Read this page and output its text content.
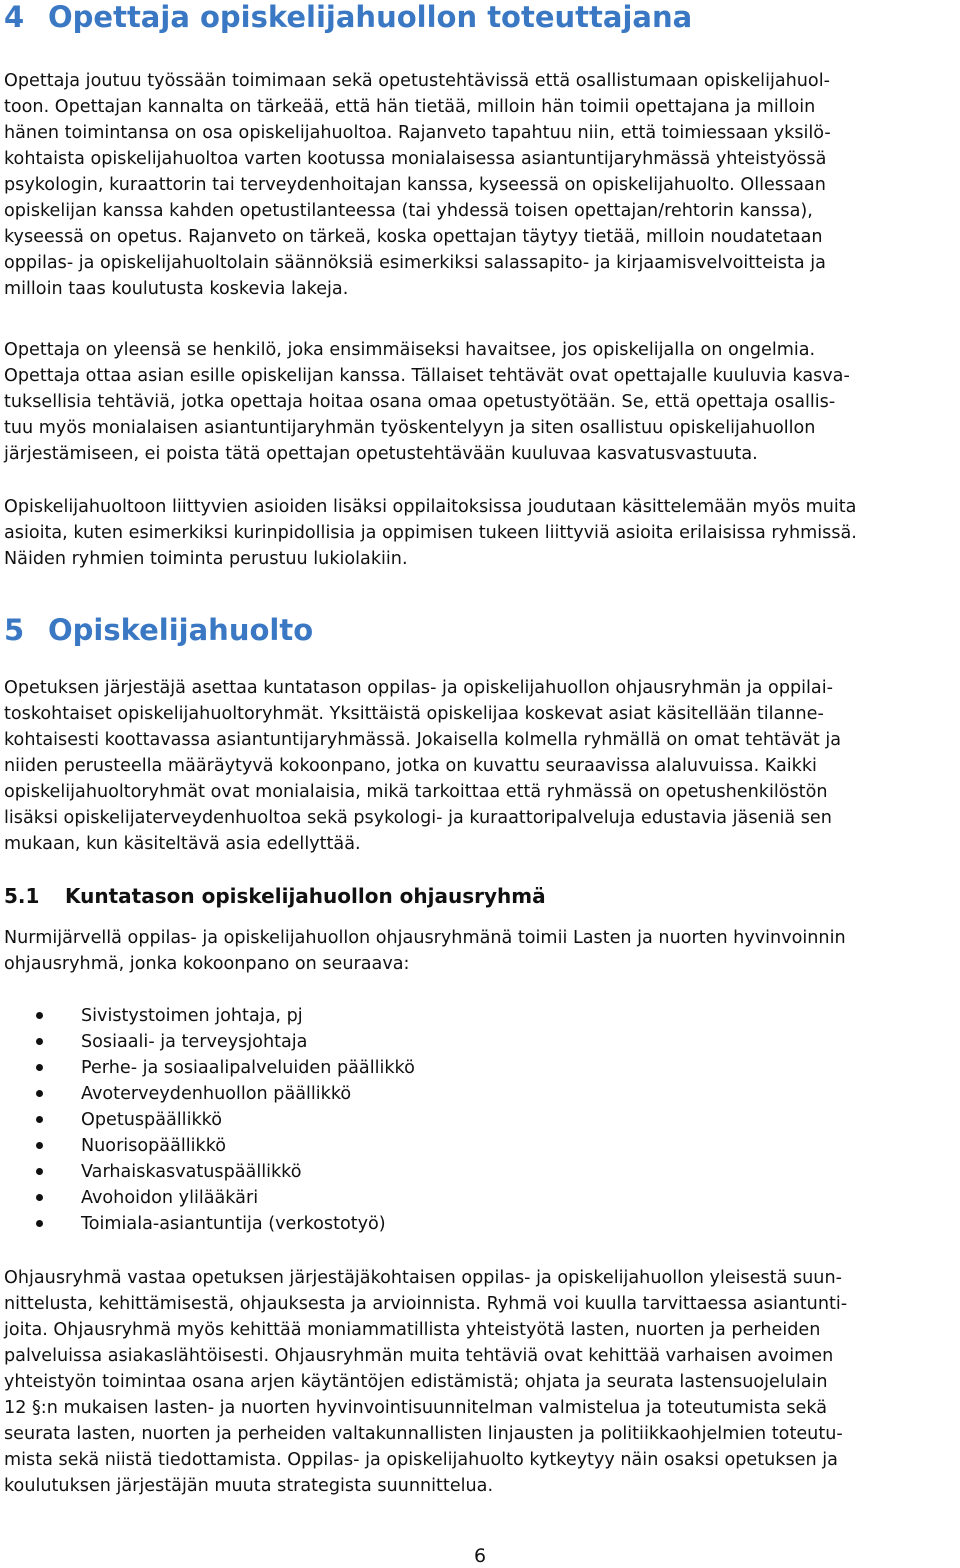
4 Opettaja opiskelijahuollon toteuttajana
Opettaja joutuu työssään toimimaan sekä opetustehtävissä että osallistumaan opiskelijahuol-
toon. Opettajan kannalta on tärkeää, että hän tietää, milloin hän toimii opettajana ja milloin
hänen toimintansa on osa opiskelijahuoltoa. Rajanveto tapahtuu niin, että toimiessaan yksilö-
kohtaista opiskelijahuoltoa varten kootussa monialaisessa asiantuntijaryhmässä yhteistyössä
psykologin, kuraattorin tai terveydenhoitajan kanssa, kyseessä on opiskelijahuolto. Ollessaan
opiskelijan kanssa kahden opetustilanteessa (tai yhdessä toisen opettajan/rehtorin kanssa),
kyseessä on opetus. Rajanveto on tärkeä, koska opettajan täytyy tietää, milloin noudatetaan
oppilas- ja opiskelijahuoltolain säännöksiä esimerkiksi salassapito- ja kirjaamisvelvoitteista ja
milloin taas koulutusta koskevia lakeja.
Opettaja on yleensä se henkilö, joka ensimmäiseksi havaitsee, jos opiskelijalla on ongelmia.
Opettaja ottaa asian esille opiskelijan kanssa. Tällaiset tehtävät ovat opettajalle kuuluvia kasva-
tuksellisia tehtäviä, jotka opettaja hoitaa osana omaa opetustyötään. Se, että opettaja osallis-
tuu myös monialaisen asiantuntijaryhmän työskentelyyn ja siten osallistuu opiskelijahuollon
järjestämiseen, ei poista tätä opettajan opetustehtävään kuuluvaa kasvatusvastuuta.
Opiskelijahuoltoon liittyvien asioiden lisäksi oppilaitoksissa joudutaan käsittelemään myös muita
asioita, kuten esimerkiksi kurinpidollisia ja oppimisen tukeen liittyviä asioita erilaisissa ryhmissä.
Näiden ryhmien toiminta perustuu lukiolakiin.
5 Opiskelijahuolto
Opetuksen järjestäjä asettaa kuntatason oppilas- ja opiskelijahuollon ohjausryhmän ja oppilai-
toskohtaiset opiskelijahuoltoryhmät. Yksittäistä opiskelijaa koskevat asiat käsitellään tilanne-
kohtaisesti koottavassa asiantuntijaryhmässä. Jokaisella kolmella ryhmällä on omat tehtävät ja
niiden perusteella määräytyvä kokoonpano, jotka on kuvattu seuraavissa alaluvuissa. Kaikki
opiskelijahuoltoryhmät ovat monialaisia, mikä tarkoittaa että ryhmässä on opetushenkilöstön
lisäksi opiskelijaterveydenhuoltoa sekä psykologi- ja kuraattoripalveluja edustavia jäseniä sen
mukaan, kun käsiteltävä asia edellyttää.
5.1 Kuntatason opiskelijahuollon ohjausryhmä
Nurmijärvellä oppilas- ja opiskelijahuollon ohjausryhmänä toimii Lasten ja nuorten hyvinvoinnin
ohjausryhmä, jonka kokoonpano on seuraava:
Sivistystoimen johtaja, pj
Sosiaali- ja terveysjohtaja
Perhe- ja sosiaalipalveluiden päällikkö
Avoterveydenhuollon päällikkö
Opetuspäällikkö
Nuorisopäällikkö
Varhaiskasvatuspäällikkö
Avohoidon ylilääkäri
Toimiala-asiantuntija (verkostotyö)
Ohjausryhmä vastaa opetuksen järjestäjäkohtaisen oppilas- ja opiskelijahuollon yleisestä suun-
nittelusta, kehittämisestä, ohjauksesta ja arvioinnista. Ryhmä voi kuulla tarvittaessa asiantunti-
joita. Ohjausryhmä myös kehittää moniammatillista yhteistyötä lasten, nuorten ja perheiden
palveluissa asiakaslähtöisesti. Ohjausryhmän muita tehtäviä ovat kehittää varhaisen avoimen
yhteistyön toimintaa osana arjen käytäntöjen edistämistä; ohjata ja seurata lastensuojelulain
12 §:n mukaisen lasten- ja nuorten hyvinvointisuunnitelman valmistelua ja toteutumista sekä
seurata lasten, nuorten ja perheiden valtakunnallisten linjausten ja politiikkaohjelmien toteutu-
mista sekä niistä tiedottamista. Oppilas- ja opiskelijahuolto kytkeytyy näin osaksi opetuksen ja
koulutuksen järjestäjän muuta strategista suunnittelua.
6
